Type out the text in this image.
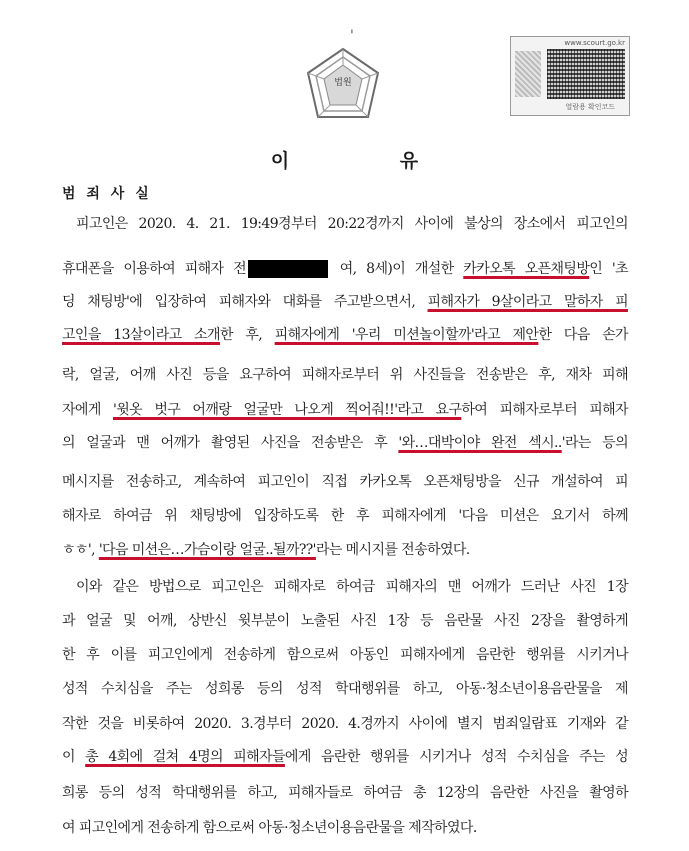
'
법원
www.scourt.go.kr
열람용 확인코드
이 유
범 죄 사 실
피고인은 2020. 4. 21. 19:49경부터 20:22경까지 사이에 불상의 장소에서 피고인의
휴대폰을 이용하여 피해자 전	여, 8세)이 개설한 카카오톡 오픈채팅방인 '초
딩 채팅방'에 입장하여 피해자와 대화를 주고받으면서, 피해자가 9살이라고 말하자 피
고인을 13살이라고 소개한 후, 피해자에게 '우리 미션놀이할까'라고 제안한 다음 손가
락, 얼굴, 어깨 사진 등을 요구하여 피해자로부터 위 사진들을 전송받은 후, 재차 피해
자에게 '윗옷 벗구 어깨랑 얼굴만 나오게 찍어줘!!'라고 요구하여 피해자로부터 피해자
의 얼굴과 맨 어깨가 촬영된 사진을 전송받은 후 '와…대박이야 완전 섹시..'라는 등의
메시지를 전송하고, 계속하여 피고인이 직접 카카오톡 오픈채팅방을 신규 개설하여 피
해자로 하여금 위 채팅방에 입장하도록 한 후 피해자에게 '다음 미션은 요기서 하께
ㅎㅎ', '다음 미션은…가슴이랑 얼굴..될까??'라는 메시지를 전송하였다.
이와 같은 방법으로 피고인은 피해자로 하여금 피해자의 맨 어깨가 드러난 사진 1장
과 얼굴 및 어깨, 상반신 윗부분이 노출된 사진 1장 등 음란물 사진 2장을 촬영하게
한 후 이를 피고인에게 전송하게 함으로써 아동인 피해자에게 음란한 행위를 시키거나
성적 수치심을 주는 성희롱 등의 성적 학대행위를 하고, 아동·청소년이용음란물을 제
작한 것을 비롯하여 2020. 3.경부터 2020. 4.경까지 사이에 별지 범죄일람표 기재와 같
이 총 4회에 걸쳐 4명의 피해자들에게 음란한 행위를 시키거나 성적 수치심을 주는 성
희롱 등의 성적 학대행위를 하고, 피해자들로 하여금 총 12장의 음란한 사진을 촬영하
여 피고인에게 전송하게 함으로써 아동·청소년이용음란물을 제작하였다.
